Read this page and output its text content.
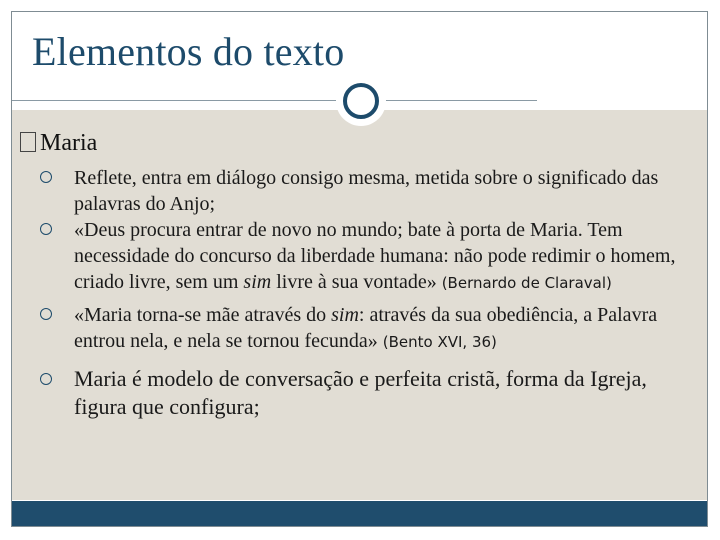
Elementos do texto
Maria
Reflete, entra em diálogo consigo mesma, metida sobre o significado das palavras do Anjo;
«Deus procura entrar de novo no mundo; bate à porta de Maria. Tem necessidade do concurso da liberdade humana: não pode redimir o homem, criado livre, sem um sim livre à sua vontade» (Bernardo de Claraval)
«Maria torna-se mãe através do sim: através da sua obediência, a Palavra entrou nela, e nela se tornou fecunda» (Bento XVI, 36)
Maria é modelo de conversação e perfeita cristã, forma da Igreja, figura que configura;
